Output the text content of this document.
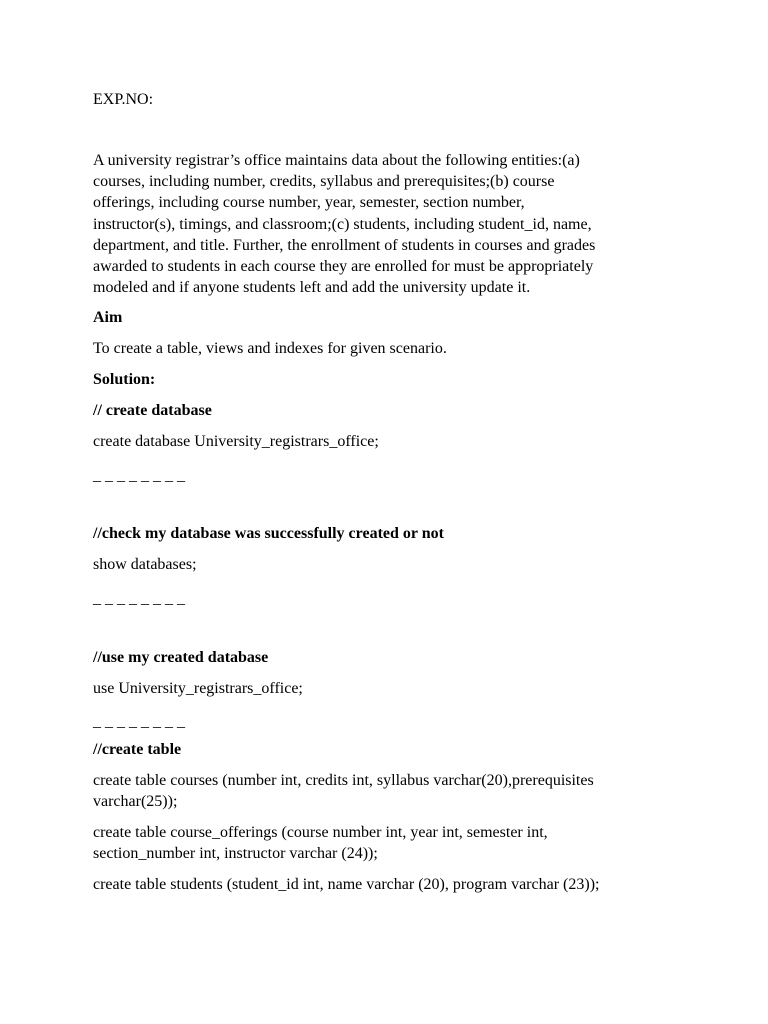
EXP.NO:
A university registrar’s office maintains data about the following entities:(a)
courses, including number, credits, syllabus and prerequisites;(b) course
offerings, including course number, year, semester, section number,
instructor(s), timings, and classroom;(c) students, including student_id, name,
department, and title. Further, the enrollment of students in courses and grades
awarded to students in each course they are enrolled for must be appropriately
modeled and if anyone students left and add the university update it.
Aim
To create a table, views and indexes for given scenario.
Solution:
// create database
create database University_registrars_office;
_ _ _ _ _ _ _ _
//check my database was successfully created or not
show databases;
_ _ _ _ _ _ _ _
//use my created database
use University_registrars_office;
_ _ _ _ _ _ _ _
//create table
create table courses (number int, credits int, syllabus varchar(20),prerequisites
varchar(25));
create table course_offerings (course number int, year int, semester int,
section_number int, instructor varchar (24));
create table students (student_id int, name varchar (20), program varchar (23));
